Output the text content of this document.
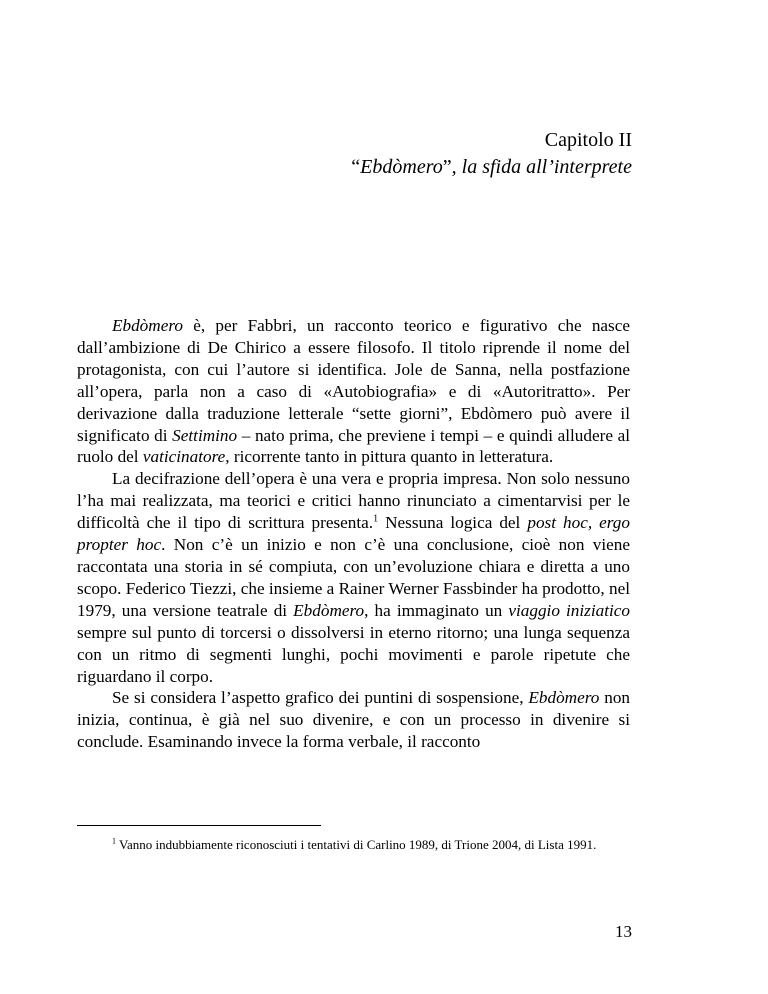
Capitolo II
“Ebdòmero”, la sfida all’interprete

Ebdòmero è, per Fabbri, un racconto teorico e figurativo che nasce dall’ambizione di De Chirico a essere filosofo. Il titolo riprende il nome del protagonista, con cui l’autore si identifica. Jole de Sanna, nella postfazione all’opera, parla non a caso di «Autobiografia» e di «Autoritratto». Per derivazione dalla traduzione letterale “sette giorni”, Ebdòmero può avere il significato di Settimino – nato prima, che previene i tempi – e quindi alludere al ruolo del vaticinatore, ricorrente tanto in pittura quanto in letteratura.

La decifrazione dell’opera è una vera e propria impresa. Non solo nessuno l’ha mai realizzata, ma teorici e critici hanno rinunciato a cimentarvisi per le difficoltà che il tipo di scrittura presenta.$^1$ Nessuna logica del post hoc, ergo propter hoc. Non c’è un inizio e non c’è una conclusione, cioè non viene raccontata una storia in sé compiuta, con un’evoluzione chiara e diretta a uno scopo. Federico Tiezzi, che insieme a Rainer Werner Fassbinder ha prodotto, nel 1979, una versione teatrale di Ebdòmero, ha immaginato un viaggio iniziatico sempre sul punto di torcersi o dissolversi in eterno ritorno; una lunga sequenza con un ritmo di segmenti lunghi, pochi movimenti e parole ripetute che riguardano il corpo.

Se si considera l’aspetto grafico dei puntini di sospensione, Ebdòmero non inizia, continua, è già nel suo divenire, e con un processo in divenire si conclude. Esaminando invece la forma verbale, il racconto

$^1$ Vanno indubbiamente riconosciuti i tentativi di Carlino 1989, di Trione 2004, di Lista 1991.

13
